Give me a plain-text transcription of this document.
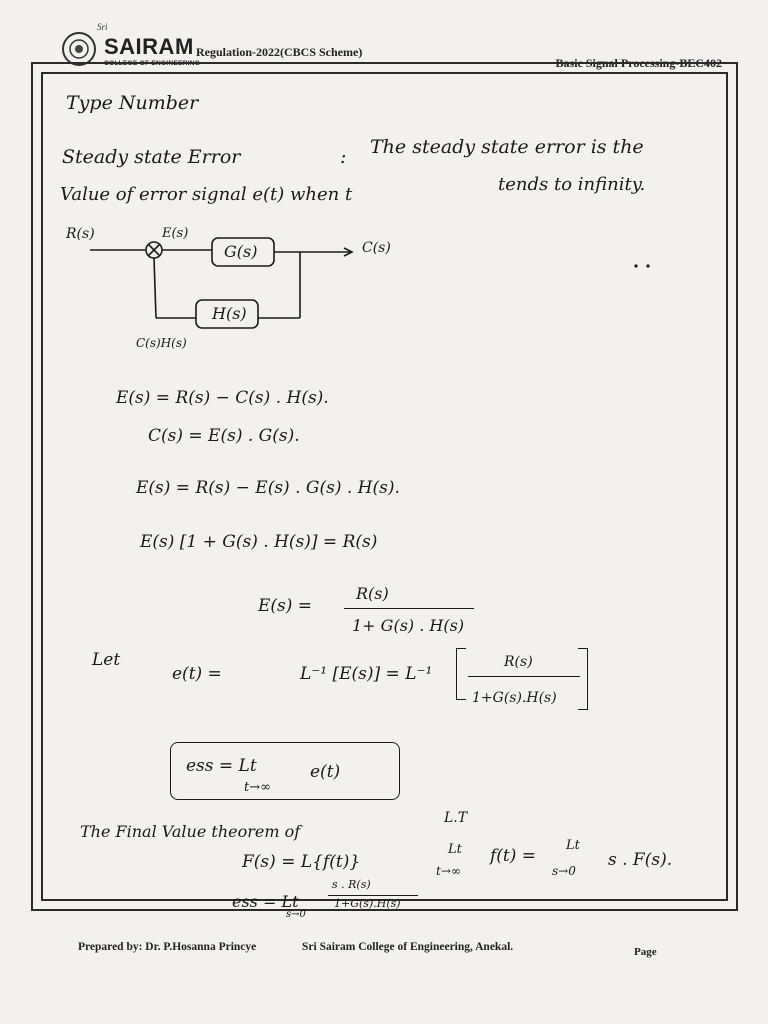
Sri
SAIRAM
COLLEGE OF ENGINEERING
Regulation-2022(CBCS Scheme)
Basic Signal Processing-BEC402
Type Number
Steady state Error	: The steady state error is the
Value of error signal e(t) when t	tends to infinity.
R(s)	E(s)
G(s)	C(s)
H(s)
C(s)H(s)
E(s) = R(s) − C(s) . H(s).
C(s) = E(s) . G(s).
E(s) = R(s) − E(s) . G(s) . H(s).
E(s) [1 + G(s) . H(s)] = R(s)
E(s) =
R(s)
1+ G(s) . H(s)
Let
e(t) =	L⁻¹ [E(s)] = L⁻¹
R(s)
1+G(s).H(s)
ess = Lt
t→∞
e(t)
The Final Value theorem of
L.T
F(s) = L{f(t)}
Lt
t→∞
f(t) =
Lt
s→0
s . F(s).
ess = Lt
s→0
s . R(s)
1+G(s).H(s)
Prepared by: Dr. P.Hosanna Princye	Sri Sairam College of Engineering, Anekal.	Page
